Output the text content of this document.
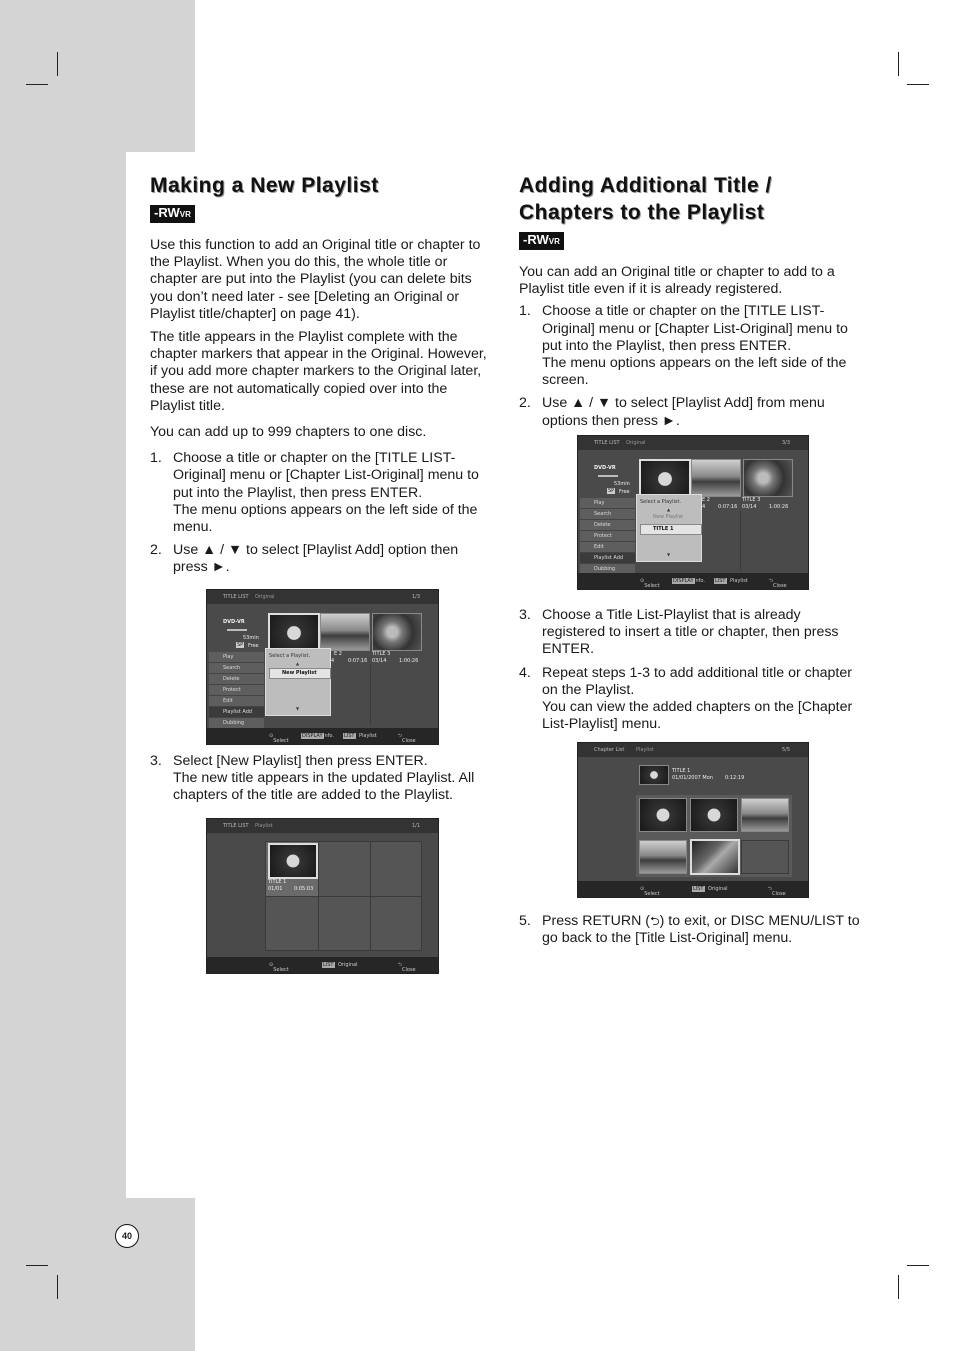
Making a New Playlist
-RWVR

Use this function to add an Original title or chapter to the Playlist. When you do this, the whole title or chapter are put into the Playlist (you can delete bits you don’t need later - see [Deleting an Original or Playlist title/chapter] on page 41).

The title appears in the Playlist complete with the chapter markers that appear in the Original. However, if you add more chapter markers to the Original later, these are not automatically copied over into the Playlist title.

You can add up to 999 chapters to one disc.

1. Choose a title or chapter on the [TITLE LIST-Original] menu or [Chapter List-Original] menu to put into the Playlist, then press ENTER.
The menu options appears on the left side of the menu.
2. Use ▲ / ▼ to select [Playlist Add] option then press ►.
3. Select [New Playlist] then press ENTER.
The new title appears in the updated Playlist. All chapters of the title are added to the Playlist.
TITLE LIST Original	1/3
DVD-VR
53min
SP Free
Play
Search
Delete
Protect
Edit
Playlist Add
Dubbing
E 2
4	0:07:16
TITLE 3
03/14	1:00:26
Select a Playlist.
▲
New Playlist
▼
⊙
Select
DISPLAY Info. LIST Playlist	⮌
Close
TITLE LIST Playlist	1/1
TITLE 1
01/01 0:05:03
⊙
Select
LIST Original	⮌
Close
Adding Additional Title /
Chapters to the Playlist
-RWVR

You can add an Original title or chapter to add to a Playlist title even if it is already registered.

1. Choose a title or chapter on the [TITLE LIST-Original] menu or [Chapter List-Original] menu to put into the Playlist, then press ENTER.
The menu options appears on the left side of the screen.
2. Use ▲ / ▼ to select [Playlist Add] from menu options then press ►.
3. Choose a Title List-Playlist that is already registered to insert a title or chapter, then press ENTER.
4. Repeat steps 1-3 to add additional title or chapter on the Playlist.
You can view the added chapters on the [Chapter List-Playlist] menu.
5. Press RETURN (⮌) to exit, or DISC MENU/LIST to go back to the [Title List-Original] menu.
TITLE LIST Original	3/3
DVD-VR
53min
SP Free
Play
Search
Delete
Protect
Edit
Playlist Add
Dubbing
E 2
4	0:07:16
TITLE 3
03/14	1:00:26
Select a Playlist.
▲
New Playlist
TITLE 1
▼
⊙
Select
DISPLAY Info. LIST Playlist	⮌
Close
Chapter List Playlist	5/5
TITLE 1
01/01/2007 Mon 0:12:19
⊙
Select
LIST Original	⮌
Close
40
